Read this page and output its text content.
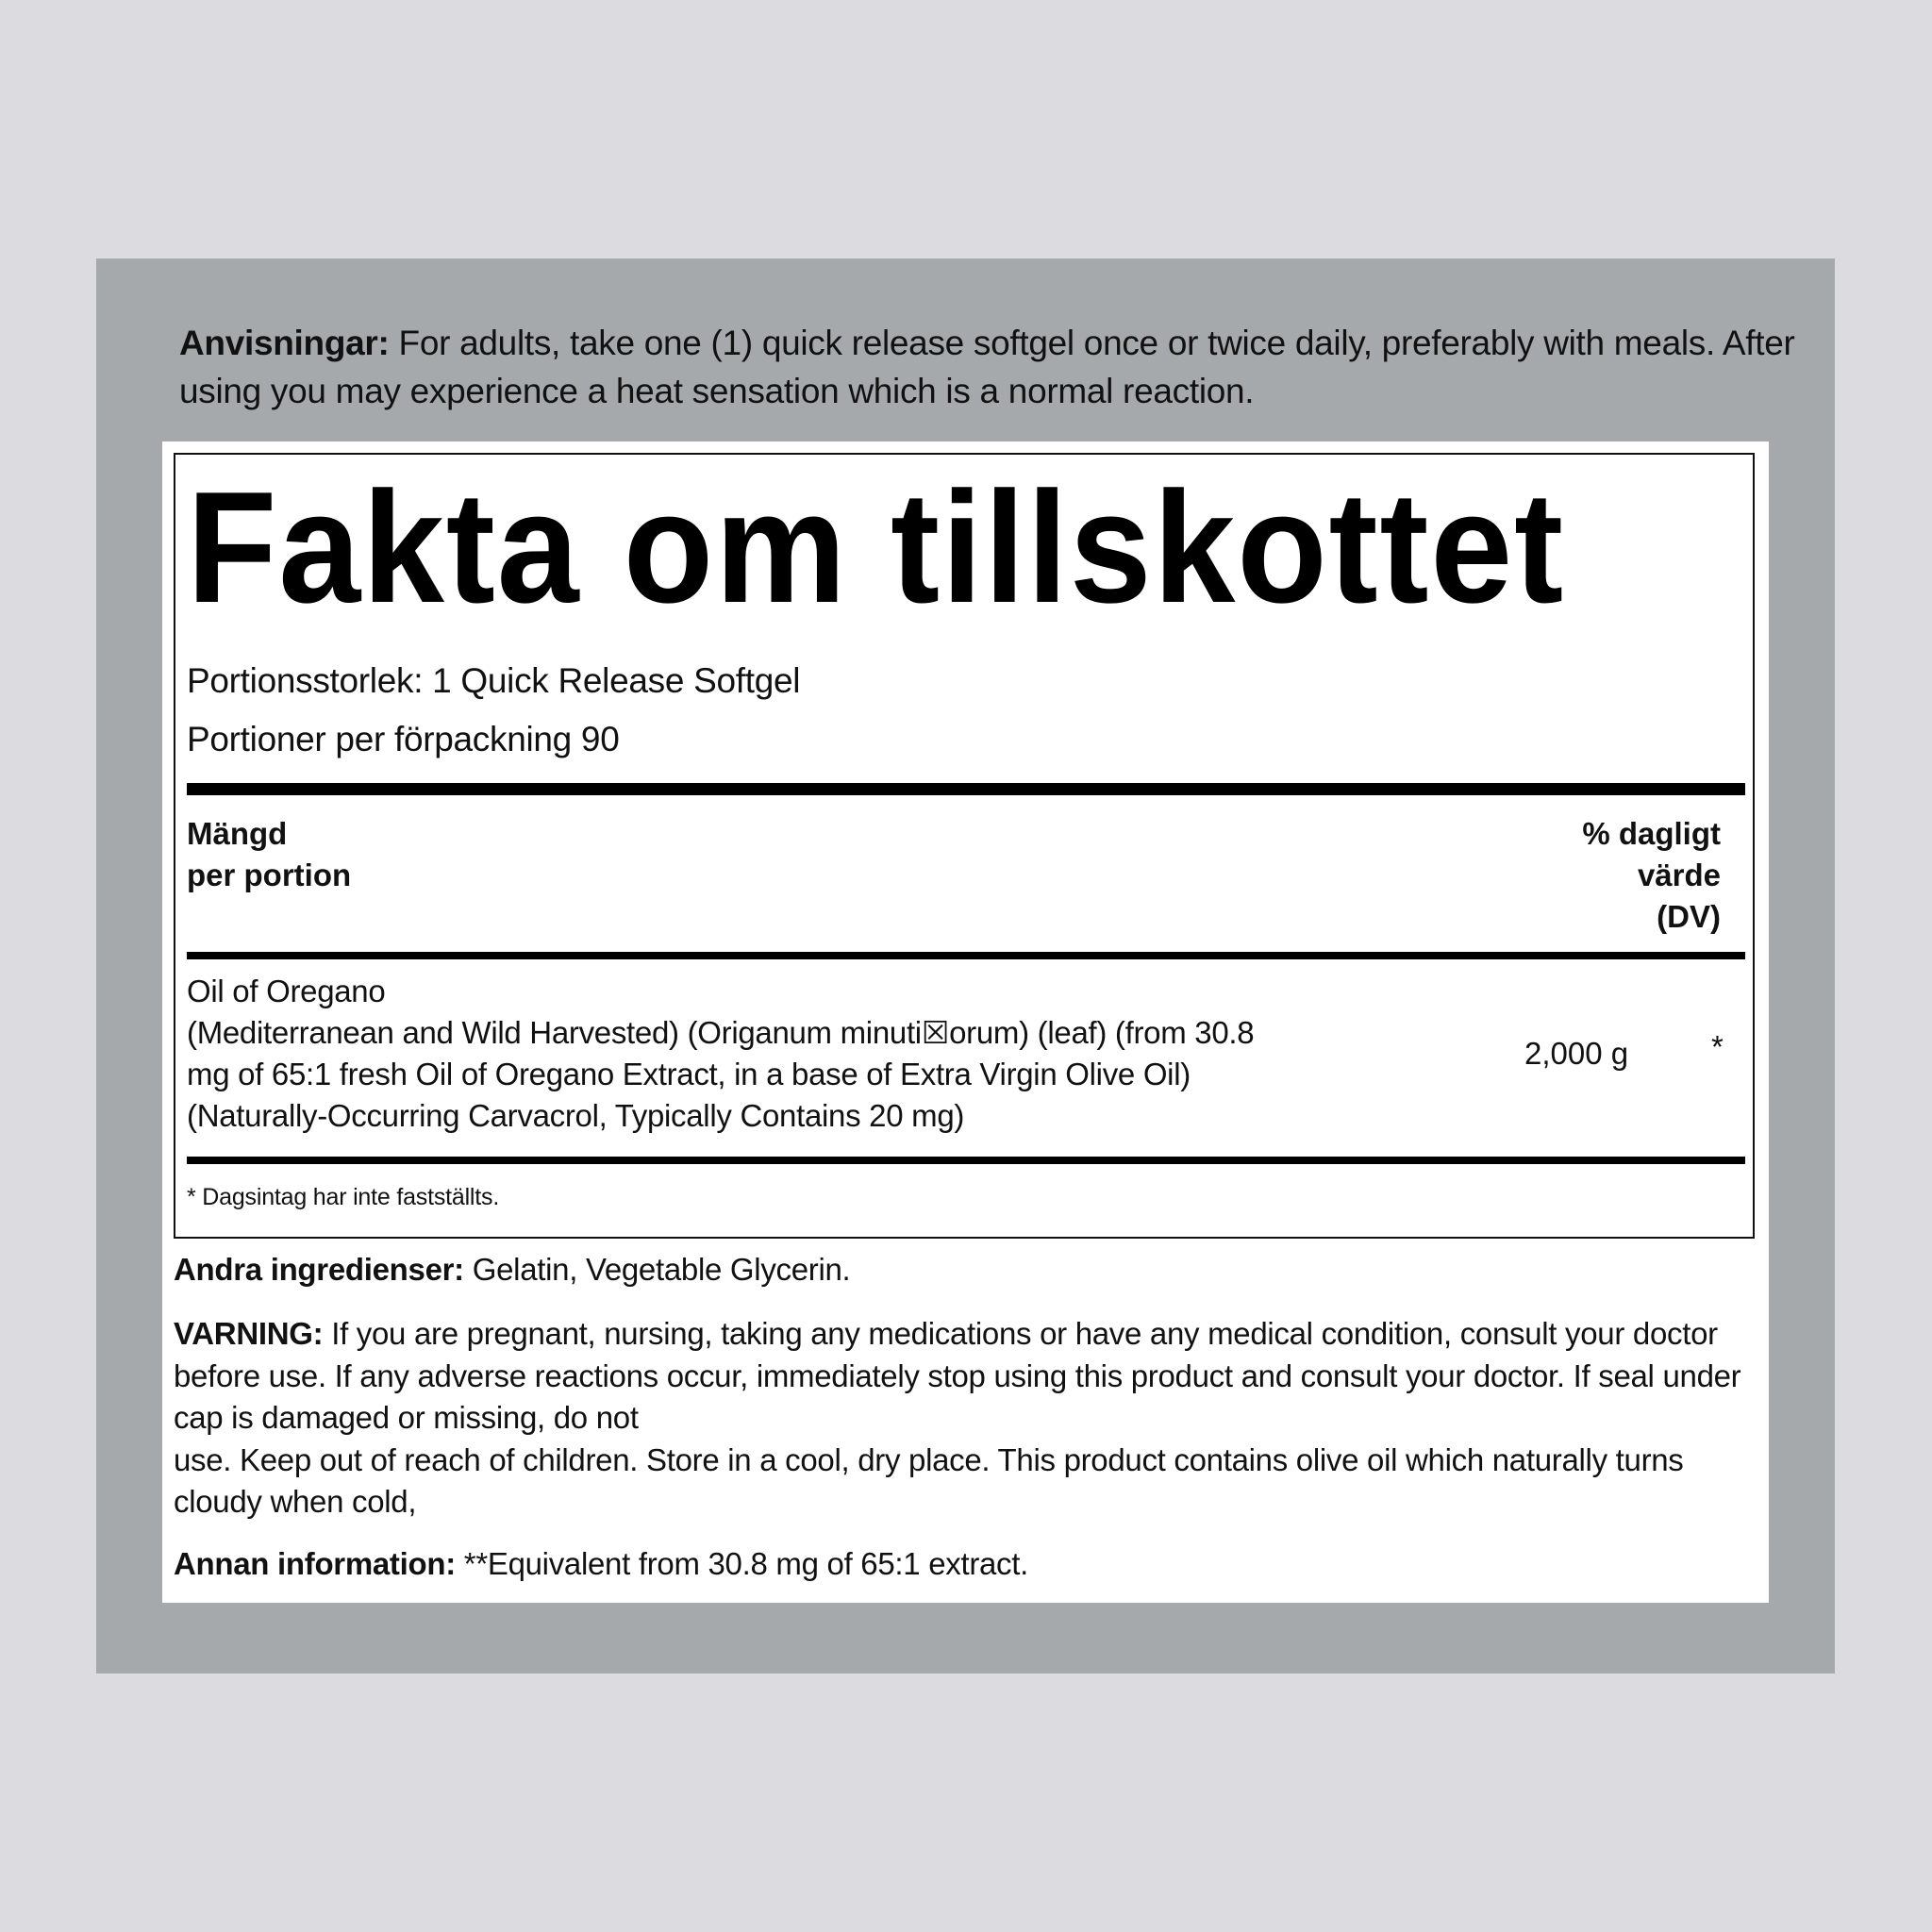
Anvisningar: For adults, take one (1) quick release softgel once or twice daily, preferably with meals. After using you may experience a heat sensation which is a normal reaction.
Fakta om tillskottet
Portionsstorlek: 1 Quick Release Softgel
Portioner per förpackning 90
Mängd
per portion
% dagligt
värde
(DV)
Oil of Oregano
(Mediterranean and Wild Harvested) (Origanum minuti☒orum) (leaf) (from 30.8
mg of 65:1 fresh Oil of Oregano Extract, in a base of Extra Virgin Olive Oil)
(Naturally-Occurring Carvacrol, Typically Contains 20 mg)
2,000 g	*
* Dagsintag har inte fastställts.
Andra ingredienser: Gelatin, Vegetable Glycerin.
VARNING: If you are pregnant, nursing, taking any medications or have any medical condition, consult your doctor before use. If any adverse reactions occur, immediately stop using this product and consult your doctor. If seal under cap is damaged or missing, do not
use. Keep out of reach of children. Store in a cool, dry place. This product contains olive oil which naturally turns cloudy when cold,
Annan information: **Equivalent from 30.8 mg of 65:1 extract.
